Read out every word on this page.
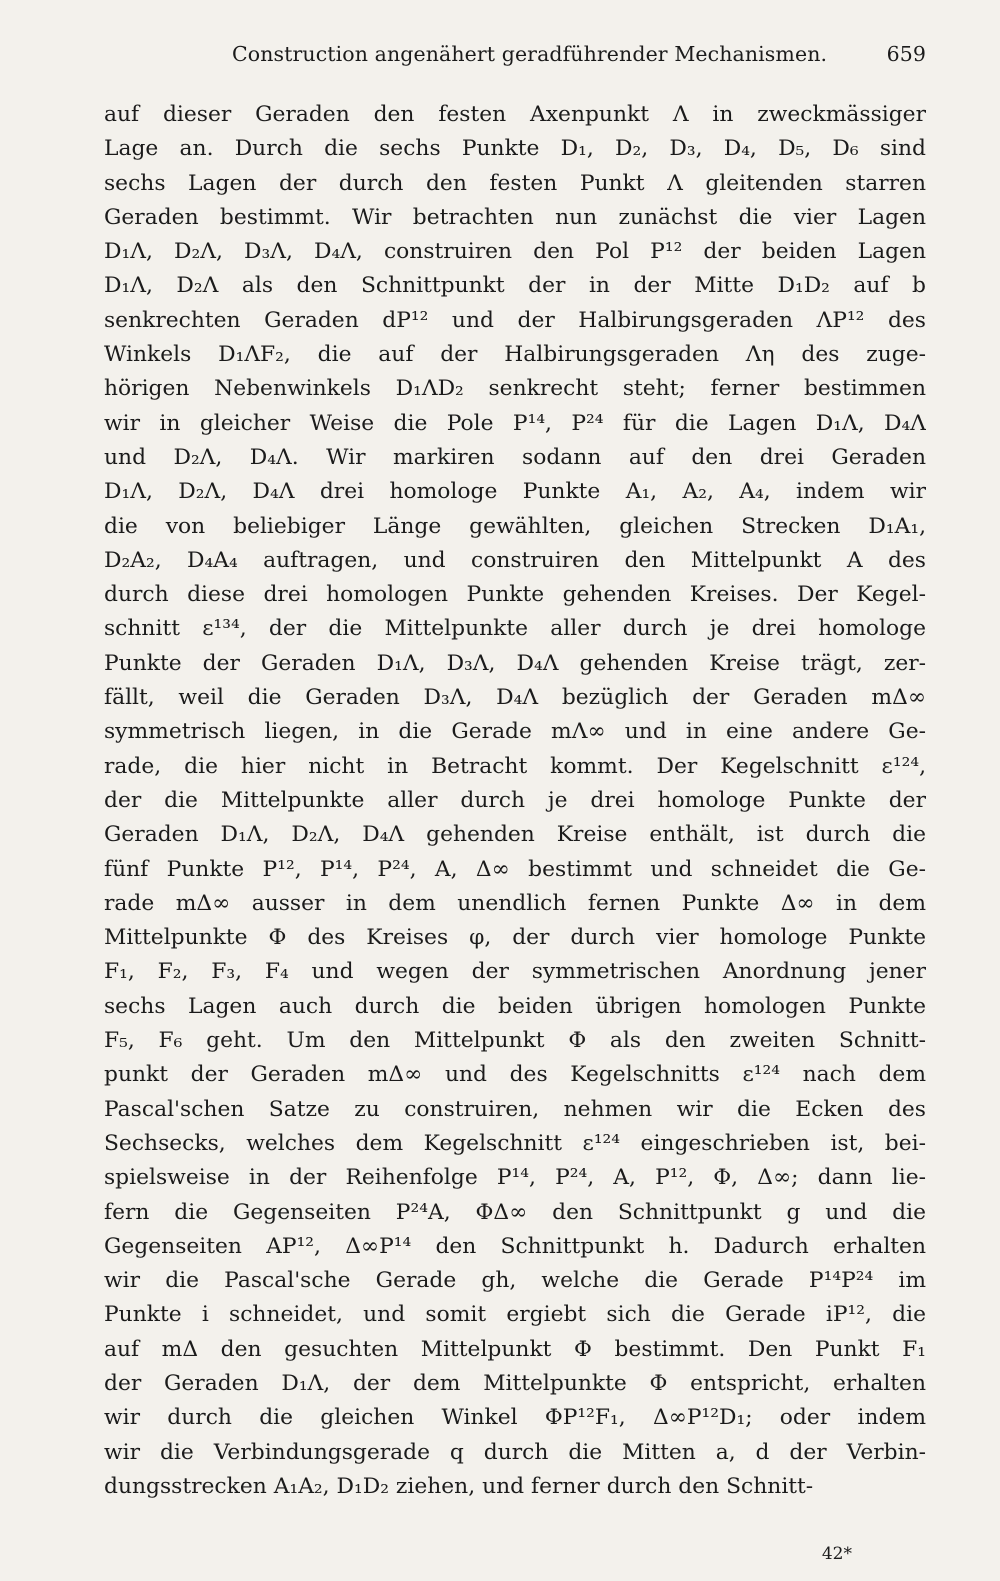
Construction angenähert geradführender Mechanismen.	659
auf dieser Geraden den festen Axenpunkt Λ in zweckmässiger
Lage an. Durch die sechs Punkte D₁, D₂, D₃, D₄, D₅, D₆ sind
sechs Lagen der durch den festen Punkt Λ gleitenden starren
Geraden bestimmt. Wir betrachten nun zunächst die vier Lagen
D₁Λ, D₂Λ, D₃Λ, D₄Λ, construiren den Pol P¹² der beiden Lagen
D₁Λ, D₂Λ als den Schnittpunkt der in der Mitte D₁D₂ auf b
senkrechten Geraden dP¹² und der Halbirungsgeraden ΛP¹² des
Winkels D₁ΛF₂, die auf der Halbirungsgeraden Λη des zuge-
hörigen Nebenwinkels D₁ΛD₂ senkrecht steht; ferner bestimmen
wir in gleicher Weise die Pole P¹⁴, P²⁴ für die Lagen D₁Λ, D₄Λ
und D₂Λ, D₄Λ. Wir markiren sodann auf den drei Geraden
D₁Λ, D₂Λ, D₄Λ drei homologe Punkte A₁, A₂, A₄, indem wir
die von beliebiger Länge gewählten, gleichen Strecken D₁A₁,
D₂A₂, D₄A₄ auftragen, und construiren den Mittelpunkt A des
durch diese drei homologen Punkte gehenden Kreises. Der Kegel-
schnitt ε¹³⁴, der die Mittelpunkte aller durch je drei homologe
Punkte der Geraden D₁Λ, D₃Λ, D₄Λ gehenden Kreise trägt, zer-
fällt, weil die Geraden D₃Λ, D₄Λ bezüglich der Geraden mΔ∞
symmetrisch liegen, in die Gerade mΛ∞ und in eine andere Ge-
rade, die hier nicht in Betracht kommt. Der Kegelschnitt ε¹²⁴,
der die Mittelpunkte aller durch je drei homologe Punkte der
Geraden D₁Λ, D₂Λ, D₄Λ gehenden Kreise enthält, ist durch die
fünf Punkte P¹², P¹⁴, P²⁴, A, Δ∞ bestimmt und schneidet die Ge-
rade mΔ∞ ausser in dem unendlich fernen Punkte Δ∞ in dem
Mittelpunkte Φ des Kreises φ, der durch vier homologe Punkte
F₁, F₂, F₃, F₄ und wegen der symmetrischen Anordnung jener
sechs Lagen auch durch die beiden übrigen homologen Punkte
F₅, F₆ geht. Um den Mittelpunkt Φ als den zweiten Schnitt-
punkt der Geraden mΔ∞ und des Kegelschnitts ε¹²⁴ nach dem
Pascal'schen Satze zu construiren, nehmen wir die Ecken des
Sechsecks, welches dem Kegelschnitt ε¹²⁴ eingeschrieben ist, bei-
spielsweise in der Reihenfolge P¹⁴, P²⁴, A, P¹², Φ, Δ∞; dann lie-
fern die Gegenseiten P²⁴A, ΦΔ∞ den Schnittpunkt g und die
Gegenseiten AP¹², Δ∞P¹⁴ den Schnittpunkt h. Dadurch erhalten
wir die Pascal'sche Gerade gh, welche die Gerade P¹⁴P²⁴ im
Punkte i schneidet, und somit ergiebt sich die Gerade iP¹², die
auf mΔ den gesuchten Mittelpunkt Φ bestimmt. Den Punkt F₁
der Geraden D₁Λ, der dem Mittelpunkte Φ entspricht, erhalten
wir durch die gleichen Winkel ΦP¹²F₁, Δ∞P¹²D₁; oder indem
wir die Verbindungsgerade q durch die Mitten a, d der Verbin-
dungsstrecken A₁A₂, D₁D₂ ziehen, und ferner durch den Schnitt-
42*
